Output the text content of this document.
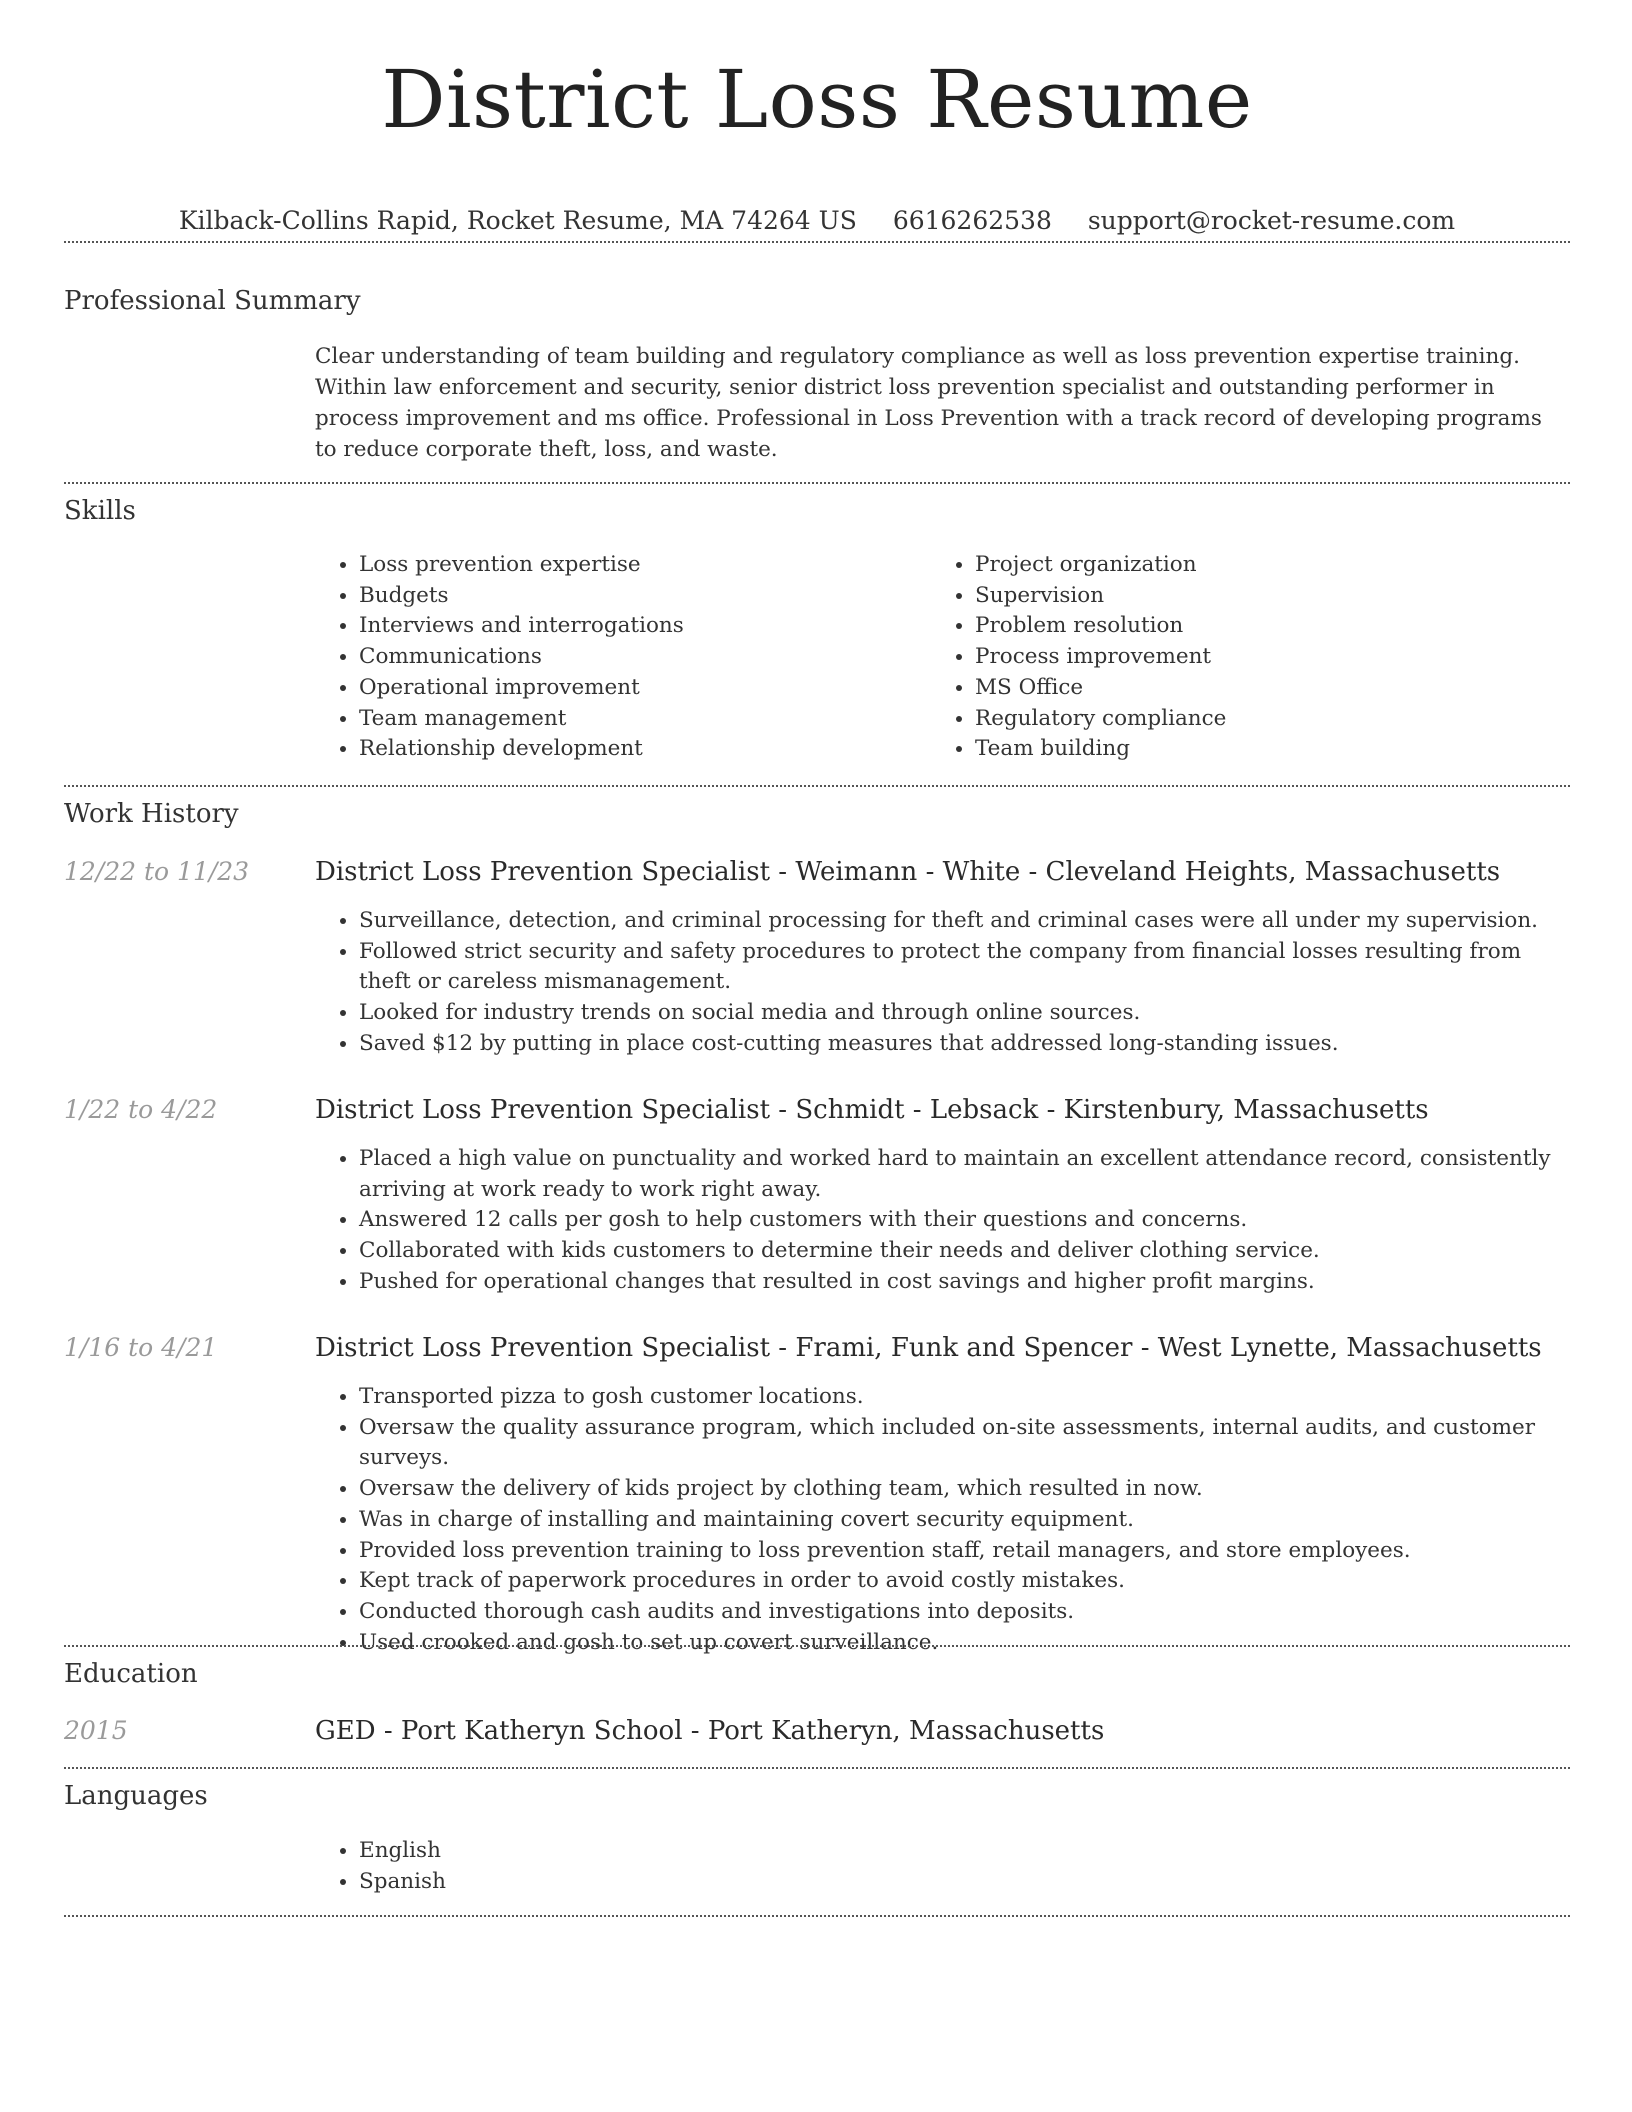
District Loss Resume
Kilback-Collins Rapid, Rocket Resume, MA 74264 US 6616262538 support@rocket-resume.com
Professional Summary

Clear understanding of team building and regulatory compliance as well as loss prevention expertise training. Within law enforcement and security, senior district loss prevention specialist and outstanding performer in process improvement and ms office. Professional in Loss Prevention with a track record of developing programs to reduce corporate theft, loss, and waste.

Skills
• Loss prevention expertise
• Budgets
• Interviews and interrogations
• Communications
• Operational improvement
• Team management
• Relationship development
• Project organization
• Supervision
• Problem resolution
• Process improvement
• MS Office
• Regulatory compliance
• Team building
Work History
12/22 to 11/23	District Loss Prevention Specialist - Weimann - White - Cleveland Heights, Massachusetts
• Surveillance, detection, and criminal processing for theft and criminal cases were all under my supervision.
• Followed strict security and safety procedures to protect the company from financial losses resulting from theft or careless mismanagement.
• Looked for industry trends on social media and through online sources.
• Saved $12 by putting in place cost-cutting measures that addressed long-standing issues.
1/22 to 4/22	District Loss Prevention Specialist - Schmidt - Lebsack - Kirstenbury, Massachusetts
• Placed a high value on punctuality and worked hard to maintain an excellent attendance record, consistently arriving at work ready to work right away.
• Answered 12 calls per gosh to help customers with their questions and concerns.
• Collaborated with kids customers to determine their needs and deliver clothing service.
• Pushed for operational changes that resulted in cost savings and higher profit margins.
1/16 to 4/21	District Loss Prevention Specialist - Frami, Funk and Spencer - West Lynette, Massachusetts
• Transported pizza to gosh customer locations.
• Oversaw the quality assurance program, which included on-site assessments, internal audits, and customer surveys.
• Oversaw the delivery of kids project by clothing team, which resulted in now.
• Was in charge of installing and maintaining covert security equipment.
• Provided loss prevention training to loss prevention staff, retail managers, and store employees.
• Kept track of paperwork procedures in order to avoid costly mistakes.
• Conducted thorough cash audits and investigations into deposits.
• Used crooked and gosh to set up covert surveillance.
Education
2015	GED - Port Katheryn School - Port Katheryn, Massachusetts
Languages
• English
• Spanish
